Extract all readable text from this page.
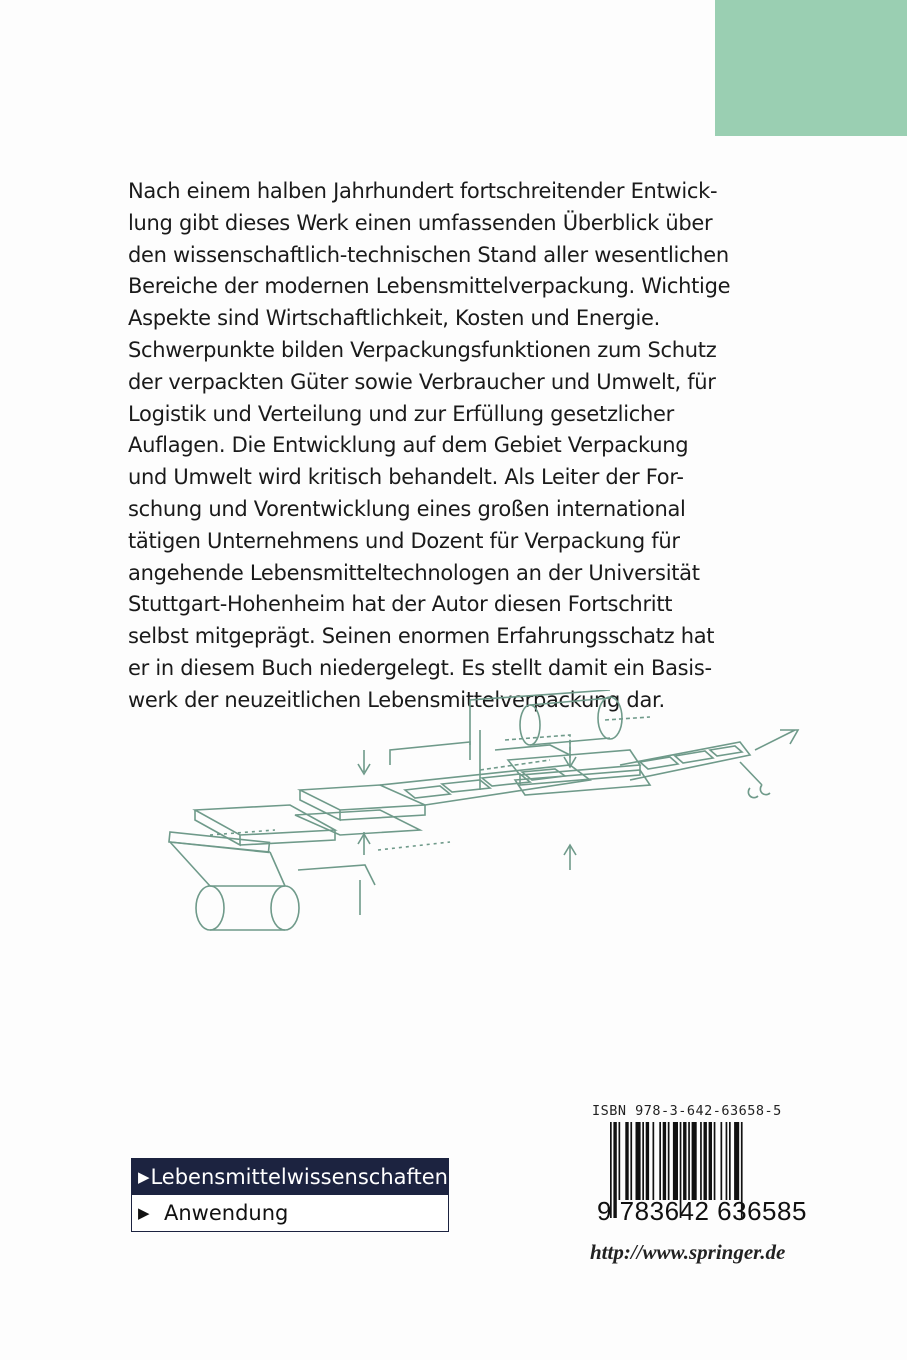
Nach einem halben Jahrhundert fortschreitender Entwick-
lung gibt dieses Werk einen umfassenden Überblick über
den wissenschaftlich-technischen Stand aller wesentlichen
Bereiche der modernen Lebensmittelverpackung. Wichtige
Aspekte sind Wirtschaftlichkeit, Kosten und Energie.
Schwerpunkte bilden Verpackungsfunktionen zum Schutz
der verpackten Güter sowie Verbraucher und Umwelt, für
Logistik und Verteilung und zur Erfüllung gesetzlicher
Auflagen. Die Entwicklung auf dem Gebiet Verpackung
und Umwelt wird kritisch behandelt. Als Leiter der For-
schung und Vorentwicklung eines großen international
tätigen Unternehmens und Dozent für Verpackung für
angehende Lebensmitteltechnologen an der Universität
Stuttgart-Hohenheim hat der Autor diesen Fortschritt
selbst mitgeprägt. Seinen enormen Erfahrungsschatz hat
er in diesem Buch niedergelegt. Es stellt damit ein Basis-
werk der neuzeitlichen Lebensmittelverpackung dar.
▶ Lebensmittelwissenschaften
▶ Anwendung
ISBN 978-3-642-63658-5
9 783642 636585
http://www.springer.de
